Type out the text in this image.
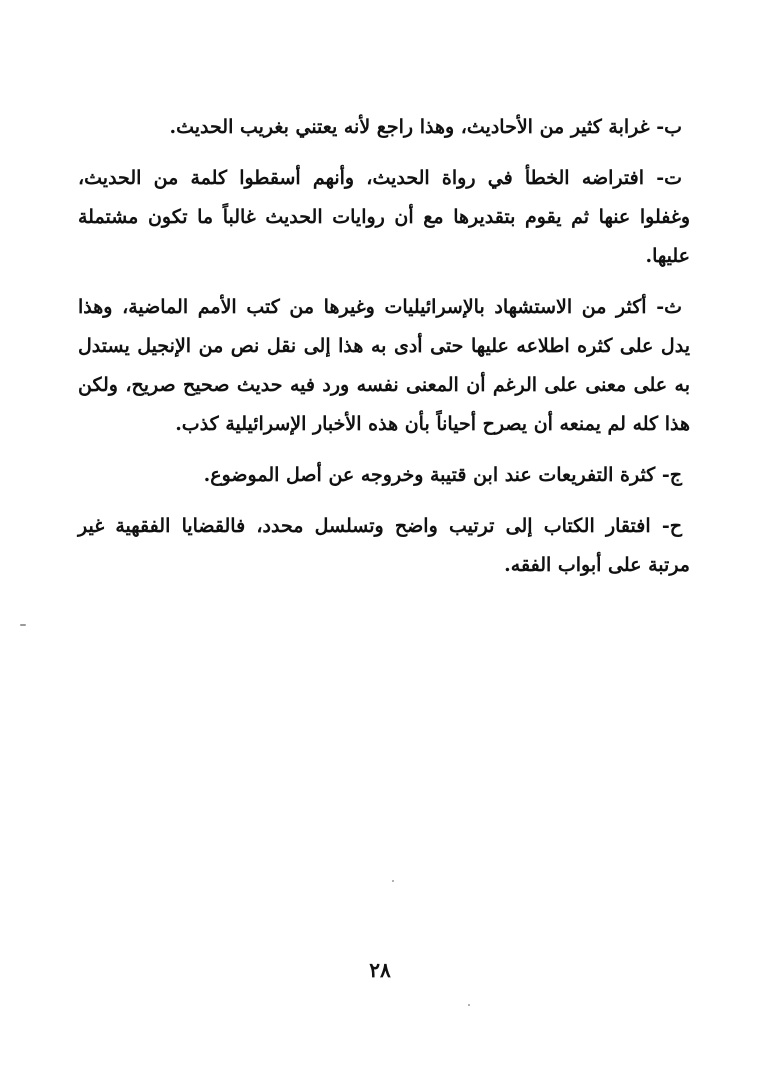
ب- غرابة كثير من الأحاديث، وهذا راجع لأنه يعتني بغريب الحديث.

ت- افتراضه الخطأ في رواة الحديث، وأنهم أسقطوا كلمة من الحديث، وغفلوا عنها ثم يقوم بتقديرها مع أن روايات الحديث غالباً ما تكون مشتملة عليها.

ث- أكثر من الاستشهاد بالإسرائيليات وغيرها من كتب الأمم الماضية، وهذا يدل على كثره اطلاعه عليها حتى أدى به هذا إلى نقل نص من الإنجيل يستدل به على معنى على الرغم أن المعنى نفسه ورد فيه حديث صحيح صريح، ولكن هذا كله لم يمنعه أن يصرح أحياناً بأن هذه الأخبار الإسرائيلية كذب.

ج- كثرة التفريعات عند ابن قتيبة وخروجه عن أصل الموضوع.

ح- افتقار الكتاب إلى ترتيب واضح وتسلسل محدد، فالقضايا الفقهية غير مرتبة على أبواب الفقه.

٢٨
